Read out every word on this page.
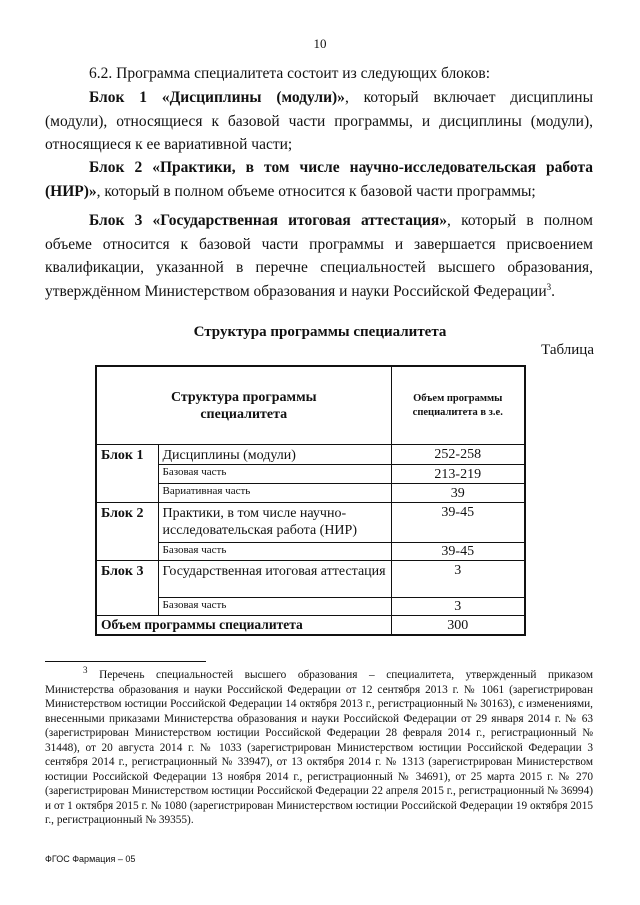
10
6.2. Программа специалитета состоит из следующих блоков:
Блок 1 «Дисциплины (модули)», который включает дисциплины (модули), относящиеся к базовой части программы, и дисциплины (модули), относящиеся к ее вариативной части;
Блок 2 «Практики, в том числе научно-исследовательская работа (НИР)», который в полном объеме относится к базовой части программы;
Блок 3 «Государственная итоговая аттестация», который в полном объеме относится к базовой части программы и завершается присвоением квалификации, указанной в перечне специальностей высшего образования, утверждённом Министерством образования и науки Российской Федерации$^3$.
Структура программы специалитета
Таблица
Структура программы специалитета		Объем программы специалитета в з.е.
Блок 1	Дисциплины (модули)	252-258
	Базовая часть	213-219
	Вариативная часть	39
Блок 2	Практики, в том числе научно-исследовательская работа (НИР)	39-45
	Базовая часть	39-45
Блок 3	Государственная итоговая аттестация	3
	Базовая часть	3
Объем программы специалитета		300
$^3$ Перечень специальностей высшего образования – специалитета, утвержденный приказом Министерства образования и науки Российской Федерации от 12 сентября 2013 г. № 1061 (зарегистрирован Министерством юстиции Российской Федерации 14 октября 2013 г., регистрационный № 30163), с изменениями, внесенными приказами Министерства образования и науки Российской Федерации от 29 января 2014 г. № 63 (зарегистрирован Министерством юстиции Российской Федерации 28 февраля 2014 г., регистрационный № 31448), от 20 августа 2014 г. № 1033 (зарегистрирован Министерством юстиции Российской Федерации 3 сентября 2014 г., регистрационный № 33947), от 13 октября 2014 г. № 1313 (зарегистрирован Министерством юстиции Российской Федерации 13 ноября 2014 г., регистрационный № 34691), от 25 марта 2015 г. № 270 (зарегистрирован Министерством юстиции Российской Федерации 22 апреля 2015 г., регистрационный № 36994) и от 1 октября 2015 г. № 1080 (зарегистрирован Министерством юстиции Российской Федерации 19 октября 2015 г., регистрационный № 39355).
ФГОС Фармация – 05
